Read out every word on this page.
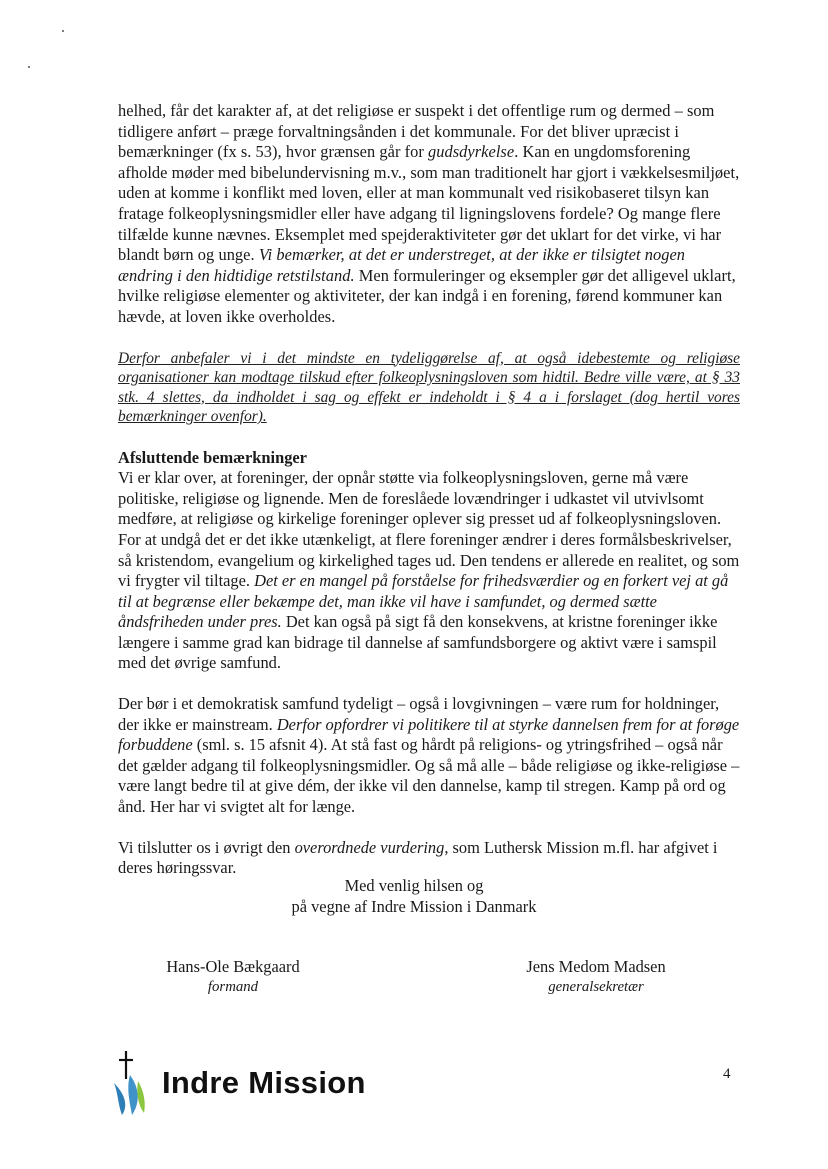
helhed, får det karakter af, at det religiøse er suspekt i det offentlige rum og dermed – som tidligere anført – præge forvaltningsånden i det kommunale. For det bliver upræcist i bemærkninger (fx s. 53), hvor grænsen går for gudsdyrkelse. Kan en ungdomsforening afholde møder med bibelundervisning m.v., som man traditionelt har gjort i vækkelsesmiljøet, uden at komme i konflikt med loven, eller at man kommunalt ved risikobaseret tilsyn kan fratage folkeoplysningsmidler eller have adgang til ligningslovens fordele? Og mange flere tilfælde kunne nævnes. Eksemplet med spejderaktiviteter gør det uklart for det virke, vi har blandt børn og unge. Vi bemærker, at det er understreget, at der ikke er tilsigtet nogen ændring i den hidtidige retstilstand. Men formuleringer og eksempler gør det alligevel uklart, hvilke religiøse elementer og aktiviteter, der kan indgå i en forening, førend kommuner kan hævde, at loven ikke overholdes.

Derfor anbefaler vi i det mindste en tydeliggørelse af, at også idebestemte og religiøse organisationer kan modtage tilskud efter folkeoplysningsloven som hidtil. Bedre ville være, at § 33 stk. 4 slettes, da indholdet i sag og effekt er indeholdt i § 4 a i forslaget (dog hertil vores bemærkninger ovenfor).

Afsluttende bemærkninger

Vi er klar over, at foreninger, der opnår støtte via folkeoplysningsloven, gerne må være politiske, religiøse og lignende. Men de foreslåede lovændringer i udkastet vil utvivlsomt medføre, at religiøse og kirkelige foreninger oplever sig presset ud af folkeoplysningsloven. For at undgå det er det ikke utænkeligt, at flere foreninger ændrer i deres formålsbeskrivelser, så kristendom, evangelium og kirkelighed tages ud. Den tendens er allerede en realitet, og som vi frygter vil tiltage. Det er en mangel på forståelse for frihedsværdier og en forkert vej at gå til at begrænse eller bekæmpe det, man ikke vil have i samfundet, og dermed sætte åndsfriheden under pres. Det kan også på sigt få den konsekvens, at kristne foreninger ikke længere i samme grad kan bidrage til dannelse af samfundsborgere og aktivt være i samspil med det øvrige samfund.

Der bør i et demokratisk samfund tydeligt – også i lovgivningen – være rum for holdninger, der ikke er mainstream. Derfor opfordrer vi politikere til at styrke dannelsen frem for at forøge forbuddene (sml. s. 15 afsnit 4). At stå fast og hårdt på religions- og ytringsfrihed – også når det gælder adgang til folkeoplysningsmidler. Og så må alle – både religiøse og ikke-religiøse – være langt bedre til at give dém, der ikke vil den dannelse, kamp til stregen. Kamp på ord og ånd. Her har vi svigtet alt for længe.

Vi tilslutter os i øvrigt den overordnede vurdering, som Luthersk Mission m.fl. har afgivet i deres høringssvar.

Med venlig hilsen og
på vegne af Indre Mission i Danmark
Hans-Ole Bækgaard
formand
Jens Medom Madsen
generalsekretær
Indre Mission	4
